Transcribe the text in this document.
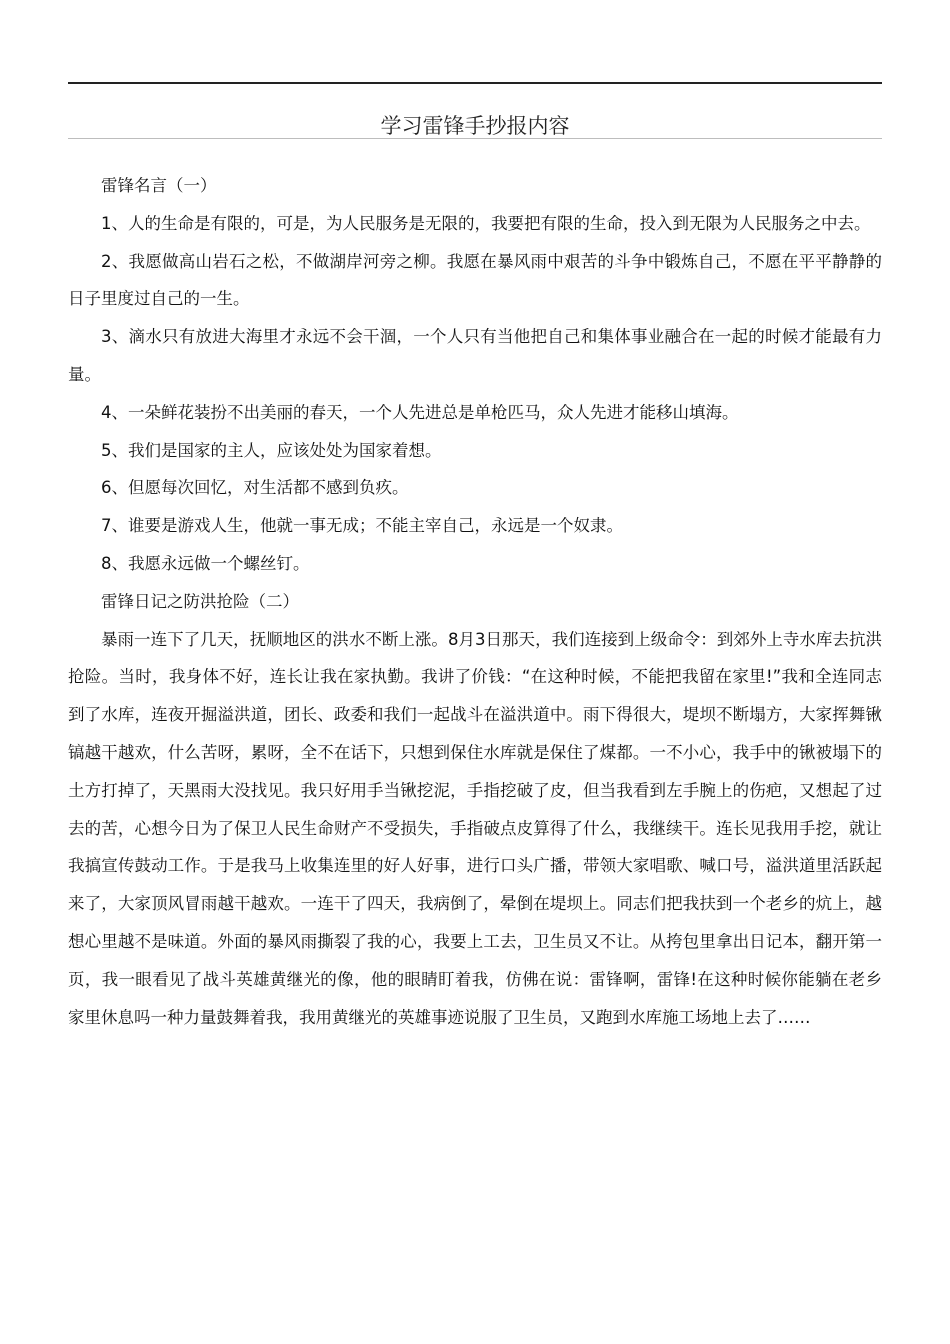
学习雷锋手抄报内容

雷锋名言（一）

1、人的生命是有限的，可是，为人民服务是无限的，我要把有限的生命，投入到无限为人民服务之中去。

2、我愿做高山岩石之松，不做湖岸河旁之柳。我愿在暴风雨中艰苦的斗争中锻炼自己，不愿在平平静静的日子里度过自己的一生。

3、滴水只有放进大海里才永远不会干涸，一个人只有当他把自己和集体事业融合在一起的时候才能最有力量。

4、一朵鲜花装扮不出美丽的春天，一个人先进总是单枪匹马，众人先进才能移山填海。

5、我们是国家的主人，应该处处为国家着想。

6、但愿每次回忆，对生活都不感到负疚。

7、谁要是游戏人生，他就一事无成；不能主宰自己，永远是一个奴隶。

8、我愿永远做一个螺丝钉。

雷锋日记之防洪抢险（二）

暴雨一连下了几天，抚顺地区的洪水不断上涨。8月3日那天，我们连接到上级命令：到郊外上寺水库去抗洪抢险。当时，我身体不好，连长让我在家执勤。我讲了价钱：“在这种时候，不能把我留在家里!”我和全连同志到了水库，连夜开掘溢洪道，团长、政委和我们一起战斗在溢洪道中。雨下得很大，堤坝不断塌方，大家挥舞锹镐越干越欢，什么苦呀，累呀，全不在话下，只想到保住水库就是保住了煤都。一不小心，我手中的锹被塌下的土方打掉了，天黑雨大没找见。我只好用手当锹挖泥，手指挖破了皮，但当我看到左手腕上的伤疤，又想起了过去的苦，心想今日为了保卫人民生命财产不受损失，手指破点皮算得了什么，我继续干。连长见我用手挖，就让我搞宣传鼓动工作。于是我马上收集连里的好人好事，进行口头广播，带领大家唱歌、喊口号，溢洪道里活跃起来了，大家顶风冒雨越干越欢。一连干了四天，我病倒了，晕倒在堤坝上。同志们把我扶到一个老乡的炕上，越想心里越不是味道。外面的暴风雨撕裂了我的心，我要上工去，卫生员又不让。从挎包里拿出日记本，翻开第一页，我一眼看见了战斗英雄黄继光的像，他的眼睛盯着我，仿佛在说：雷锋啊，雷锋!在这种时候你能躺在老乡家里休息吗一种力量鼓舞着我，我用黄继光的英雄事迹说服了卫生员，又跑到水库施工场地上去了……
